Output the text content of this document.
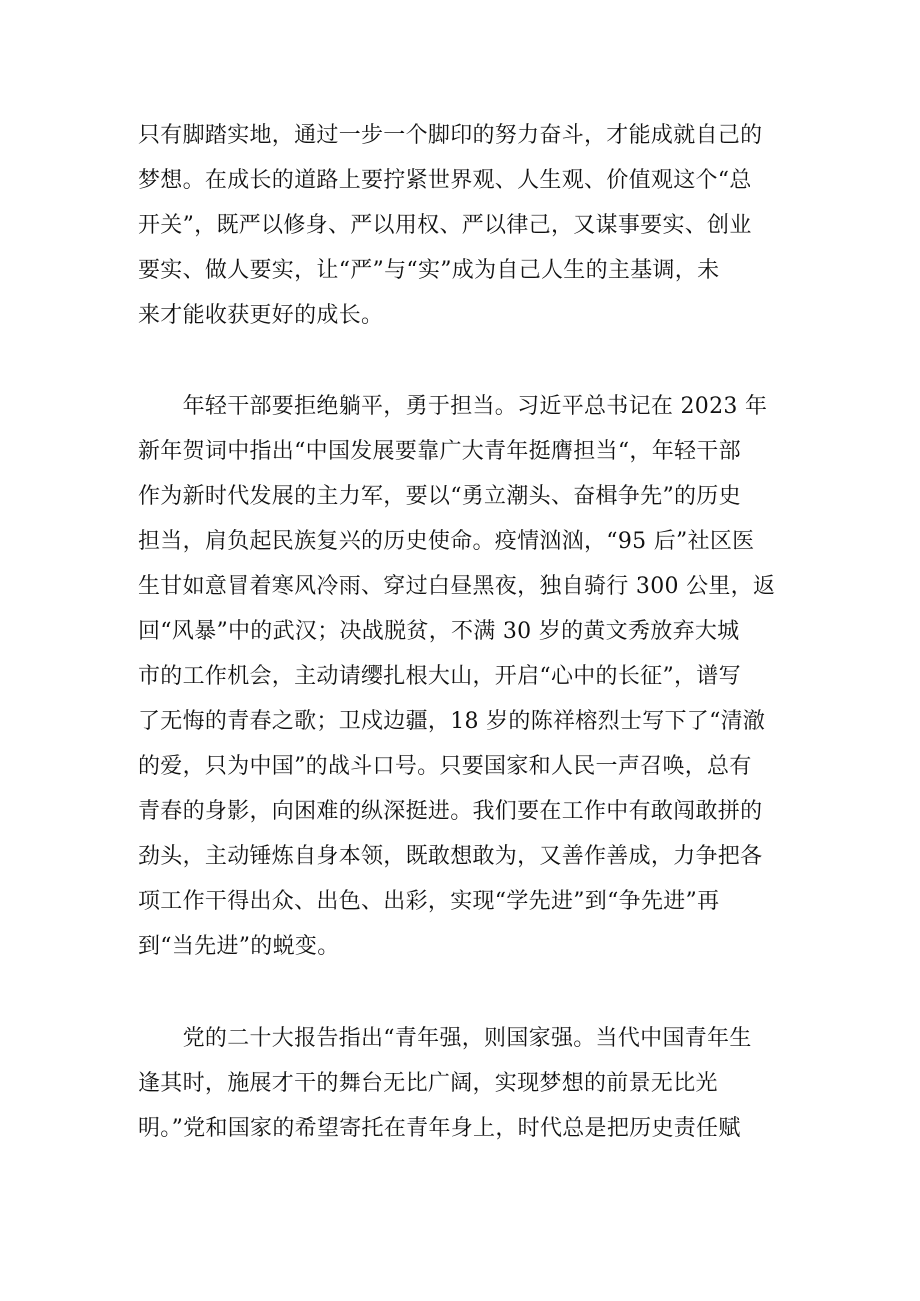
只有脚踏实地，通过一步一个脚印的努力奋斗，才能成就自己的
梦想。在成长的道路上要拧紧世界观、人生观、价值观这个“总
开关”，既严以修身、严以用权、严以律己，又谋事要实、创业
要实、做人要实，让“严”与“实”成为自己人生的主基调，未
来才能收获更好的成长。
　　年轻干部要拒绝躺平，勇于担当。习近平总书记在 2023 年
新年贺词中指出“中国发展要靠广大青年挺膺担当“，年轻干部
作为新时代发展的主力军，要以“勇立潮头、奋楫争先”的历史
担当，肩负起民族复兴的历史使命。疫情汹汹，“95 后”社区医
生甘如意冒着寒风冷雨、穿过白昼黑夜，独自骑行 300 公里，返
回“风暴”中的武汉；决战脱贫，不满 30 岁的黄文秀放弃大城
市的工作机会，主动请缨扎根大山，开启“心中的长征”，谱写
了无悔的青春之歌；卫戍边疆，18 岁的陈祥榕烈士写下了“清澈
的爱，只为中国”的战斗口号。只要国家和人民一声召唤，总有
青春的身影，向困难的纵深挺进。我们要在工作中有敢闯敢拼的
劲头，主动锤炼自身本领，既敢想敢为，又善作善成，力争把各
项工作干得出众、出色、出彩，实现“学先进”到“争先进”再
到“当先进”的蜕变。
　　党的二十大报告指出“青年强，则国家强。当代中国青年生
逢其时，施展才干的舞台无比广阔，实现梦想的前景无比光
明。”党和国家的希望寄托在青年身上，时代总是把历史责任赋
